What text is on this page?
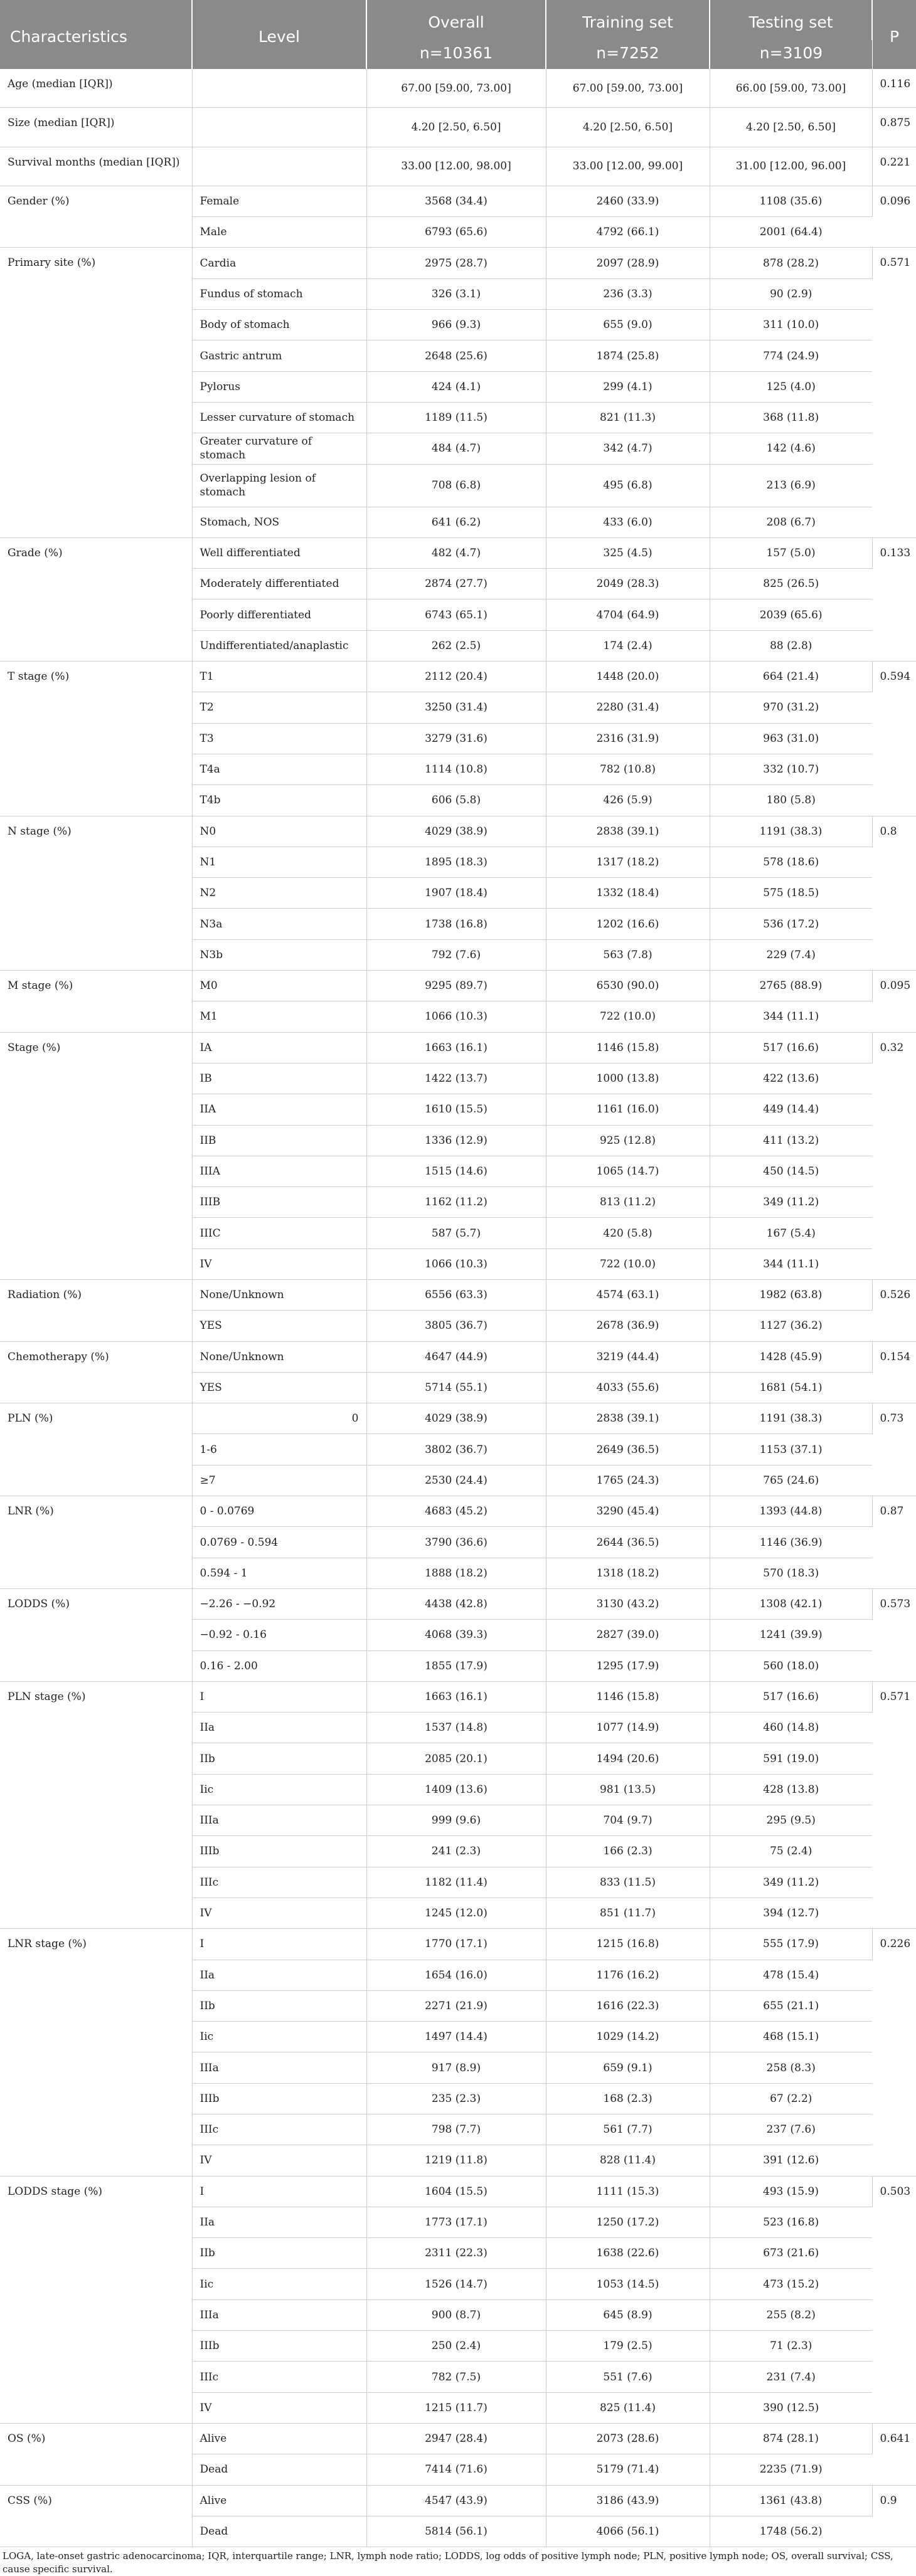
Characteristics	Level	Overall	Training set	Testing set	P
		n=10361	n=7252	n=3109	
Age (median [IQR])		67.00 [59.00, 73.00]	67.00 [59.00, 73.00]	66.00 [59.00, 73.00]	0.116
Size (median [IQR])		4.20 [2.50, 6.50]	4.20 [2.50, 6.50]	4.20 [2.50, 6.50]	0.875
Survival months (median [IQR])		33.00 [12.00, 98.00]	33.00 [12.00, 99.00]	31.00 [12.00, 96.00]	0.221
Gender (%)	Female	3568 (34.4)	2460 (33.9)	1108 (35.6)	0.096
	Male	6793 (65.6)	4792 (66.1)	2001 (64.4)	
Primary site (%)	Cardia	2975 (28.7)	2097 (28.9)	878 (28.2)	0.571
	Fundus of stomach	326 (3.1)	236 (3.3)	90 (2.9)	
	Body of stomach	966 (9.3)	655 (9.0)	311 (10.0)	
	Gastric antrum	2648 (25.6)	1874 (25.8)	774 (24.9)	
	Pylorus	424 (4.1)	299 (4.1)	125 (4.0)	
	Lesser curvature of stomach	1189 (11.5)	821 (11.3)	368 (11.8)	
	Greater curvature of stomach	484 (4.7)	342 (4.7)	142 (4.6)	
	Overlapping lesion of stomach	708 (6.8)	495 (6.8)	213 (6.9)	
	Stomach, NOS	641 (6.2)	433 (6.0)	208 (6.7)	
Grade (%)	Well differentiated	482 (4.7)	325 (4.5)	157 (5.0)	0.133
	Moderately differentiated	2874 (27.7)	2049 (28.3)	825 (26.5)	
	Poorly differentiated	6743 (65.1)	4704 (64.9)	2039 (65.6)	
	Undifferentiated/anaplastic	262 (2.5)	174 (2.4)	88 (2.8)	
T stage (%)	T1	2112 (20.4)	1448 (20.0)	664 (21.4)	0.594
	T2	3250 (31.4)	2280 (31.4)	970 (31.2)	
	T3	3279 (31.6)	2316 (31.9)	963 (31.0)	
	T4a	1114 (10.8)	782 (10.8)	332 (10.7)	
	T4b	606 (5.8)	426 (5.9)	180 (5.8)	
N stage (%)	N0	4029 (38.9)	2838 (39.1)	1191 (38.3)	0.8
	N1	1895 (18.3)	1317 (18.2)	578 (18.6)	
	N2	1907 (18.4)	1332 (18.4)	575 (18.5)	
	N3a	1738 (16.8)	1202 (16.6)	536 (17.2)	
	N3b	792 (7.6)	563 (7.8)	229 (7.4)	
M stage (%)	M0	9295 (89.7)	6530 (90.0)	2765 (88.9)	0.095
	M1	1066 (10.3)	722 (10.0)	344 (11.1)	
Stage (%)	IA	1663 (16.1)	1146 (15.8)	517 (16.6)	0.32
	IB	1422 (13.7)	1000 (13.8)	422 (13.6)	
	IIA	1610 (15.5)	1161 (16.0)	449 (14.4)	
	IIB	1336 (12.9)	925 (12.8)	411 (13.2)	
	IIIA	1515 (14.6)	1065 (14.7)	450 (14.5)	
	IIIB	1162 (11.2)	813 (11.2)	349 (11.2)	
	IIIC	587 (5.7)	420 (5.8)	167 (5.4)	
	IV	1066 (10.3)	722 (10.0)	344 (11.1)	
Radiation (%)	None/Unknown	6556 (63.3)	4574 (63.1)	1982 (63.8)	0.526
	YES	3805 (36.7)	2678 (36.9)	1127 (36.2)	
Chemotherapy (%)	None/Unknown	4647 (44.9)	3219 (44.4)	1428 (45.9)	0.154
	YES	5714 (55.1)	4033 (55.6)	1681 (54.1)	
PLN (%)	0	4029 (38.9)	2838 (39.1)	1191 (38.3)	0.73
	1-6	3802 (36.7)	2649 (36.5)	1153 (37.1)	
	≥7	2530 (24.4)	1765 (24.3)	765 (24.6)	
LNR (%)	0 - 0.0769	4683 (45.2)	3290 (45.4)	1393 (44.8)	0.87
	0.0769 - 0.594	3790 (36.6)	2644 (36.5)	1146 (36.9)	
	0.594 - 1	1888 (18.2)	1318 (18.2)	570 (18.3)	
LODDS (%)	−2.26 - −0.92	4438 (42.8)	3130 (43.2)	1308 (42.1)	0.573
	−0.92 - 0.16	4068 (39.3)	2827 (39.0)	1241 (39.9)	
	0.16 - 2.00	1855 (17.9)	1295 (17.9)	560 (18.0)	
PLN stage (%)	I	1663 (16.1)	1146 (15.8)	517 (16.6)	0.571
	IIa	1537 (14.8)	1077 (14.9)	460 (14.8)	
	IIb	2085 (20.1)	1494 (20.6)	591 (19.0)	
	Iic	1409 (13.6)	981 (13.5)	428 (13.8)	
	IIIa	999 (9.6)	704 (9.7)	295 (9.5)	
	IIIb	241 (2.3)	166 (2.3)	75 (2.4)	
	IIIc	1182 (11.4)	833 (11.5)	349 (11.2)	
	IV	1245 (12.0)	851 (11.7)	394 (12.7)	
LNR stage (%)	I	1770 (17.1)	1215 (16.8)	555 (17.9)	0.226
	IIa	1654 (16.0)	1176 (16.2)	478 (15.4)	
	IIb	2271 (21.9)	1616 (22.3)	655 (21.1)	
	Iic	1497 (14.4)	1029 (14.2)	468 (15.1)	
	IIIa	917 (8.9)	659 (9.1)	258 (8.3)	
	IIIb	235 (2.3)	168 (2.3)	67 (2.2)	
	IIIc	798 (7.7)	561 (7.7)	237 (7.6)	
	IV	1219 (11.8)	828 (11.4)	391 (12.6)	
LODDS stage (%)	I	1604 (15.5)	1111 (15.3)	493 (15.9)	0.503
	IIa	1773 (17.1)	1250 (17.2)	523 (16.8)	
	IIb	2311 (22.3)	1638 (22.6)	673 (21.6)	
	Iic	1526 (14.7)	1053 (14.5)	473 (15.2)	
	IIIa	900 (8.7)	645 (8.9)	255 (8.2)	
	IIIb	250 (2.4)	179 (2.5)	71 (2.3)	
	IIIc	782 (7.5)	551 (7.6)	231 (7.4)	
	IV	1215 (11.7)	825 (11.4)	390 (12.5)	
OS (%)	Alive	2947 (28.4)	2073 (28.6)	874 (28.1)	0.641
	Dead	7414 (71.6)	5179 (71.4)	2235 (71.9)	
CSS (%)	Alive	4547 (43.9)	3186 (43.9)	1361 (43.8)	0.9
	Dead	5814 (56.1)	4066 (56.1)	1748 (56.2)	
LOGA, late-onset gastric adenocarcinoma; IQR, interquartile range; LNR, lymph node ratio; LODDS, log odds of positive lymph node; PLN, positive lymph node; OS, overall survival; CSS, cause specific survival.
